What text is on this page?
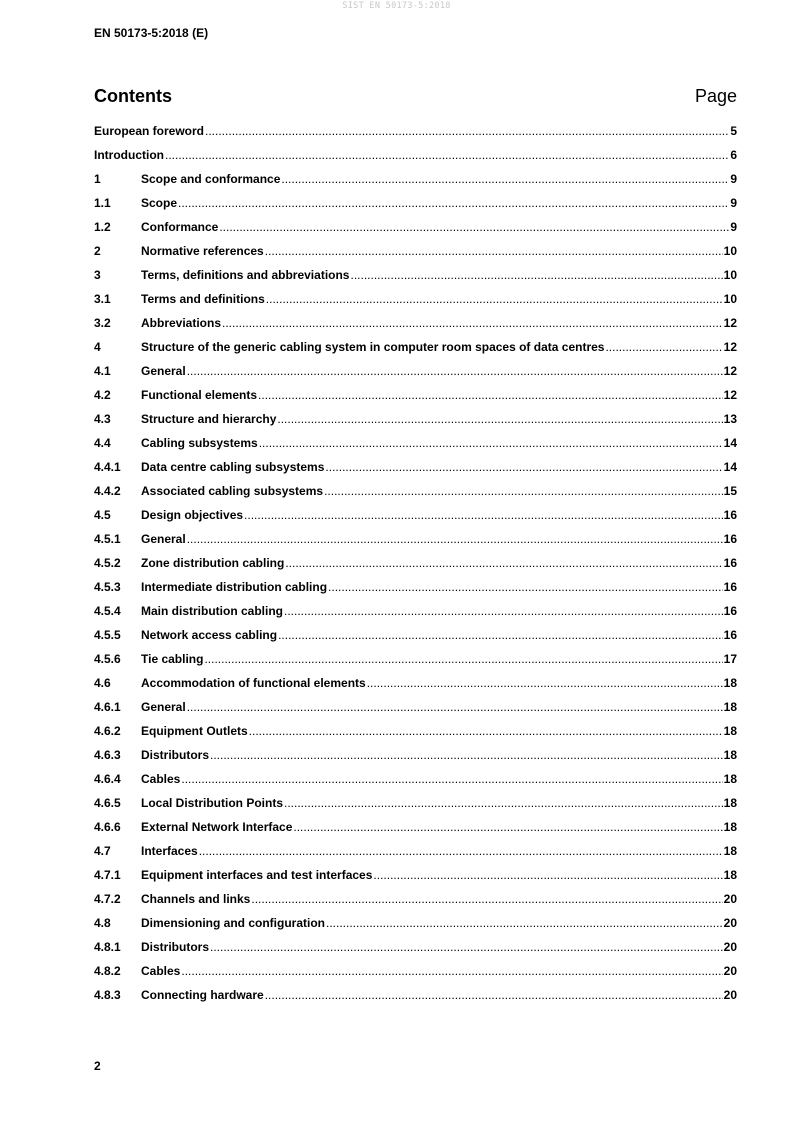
SIST EN 50173-5:2018
EN 50173-5:2018 (E)
Contents	Page
European foreword .....	5
Introduction .....	6
1	Scope and conformance .....	9
1.1	Scope .....	9
1.2	Conformance .....	9
2	Normative references .....	10
3	Terms, definitions and abbreviations .....	10
3.1	Terms and definitions .....	10
3.2	Abbreviations .....	12
4	Structure of the generic cabling system in computer room spaces of data centres .....	12
4.1	General .....	12
4.2	Functional elements .....	12
4.3	Structure and hierarchy .....	13
4.4	Cabling subsystems .....	14
4.4.1	Data centre cabling subsystems .....	14
4.4.2	Associated cabling subsystems .....	15
4.5	Design objectives .....	16
4.5.1	General .....	16
4.5.2	Zone distribution cabling .....	16
4.5.3	Intermediate distribution cabling .....	16
4.5.4	Main distribution cabling .....	16
4.5.5	Network access cabling .....	16
4.5.6	Tie cabling .....	17
4.6	Accommodation of functional elements .....	18
4.6.1	General .....	18
4.6.2	Equipment Outlets .....	18
4.6.3	Distributors .....	18
4.6.4	Cables .....	18
4.6.5	Local Distribution Points .....	18
4.6.6	External Network Interface .....	18
4.7	Interfaces .....	18
4.7.1	Equipment interfaces and test interfaces .....	18
4.7.2	Channels and links .....	20
4.8	Dimensioning and configuration .....	20
4.8.1	Distributors .....	20
4.8.2	Cables .....	20
4.8.3	Connecting hardware .....	20
2
